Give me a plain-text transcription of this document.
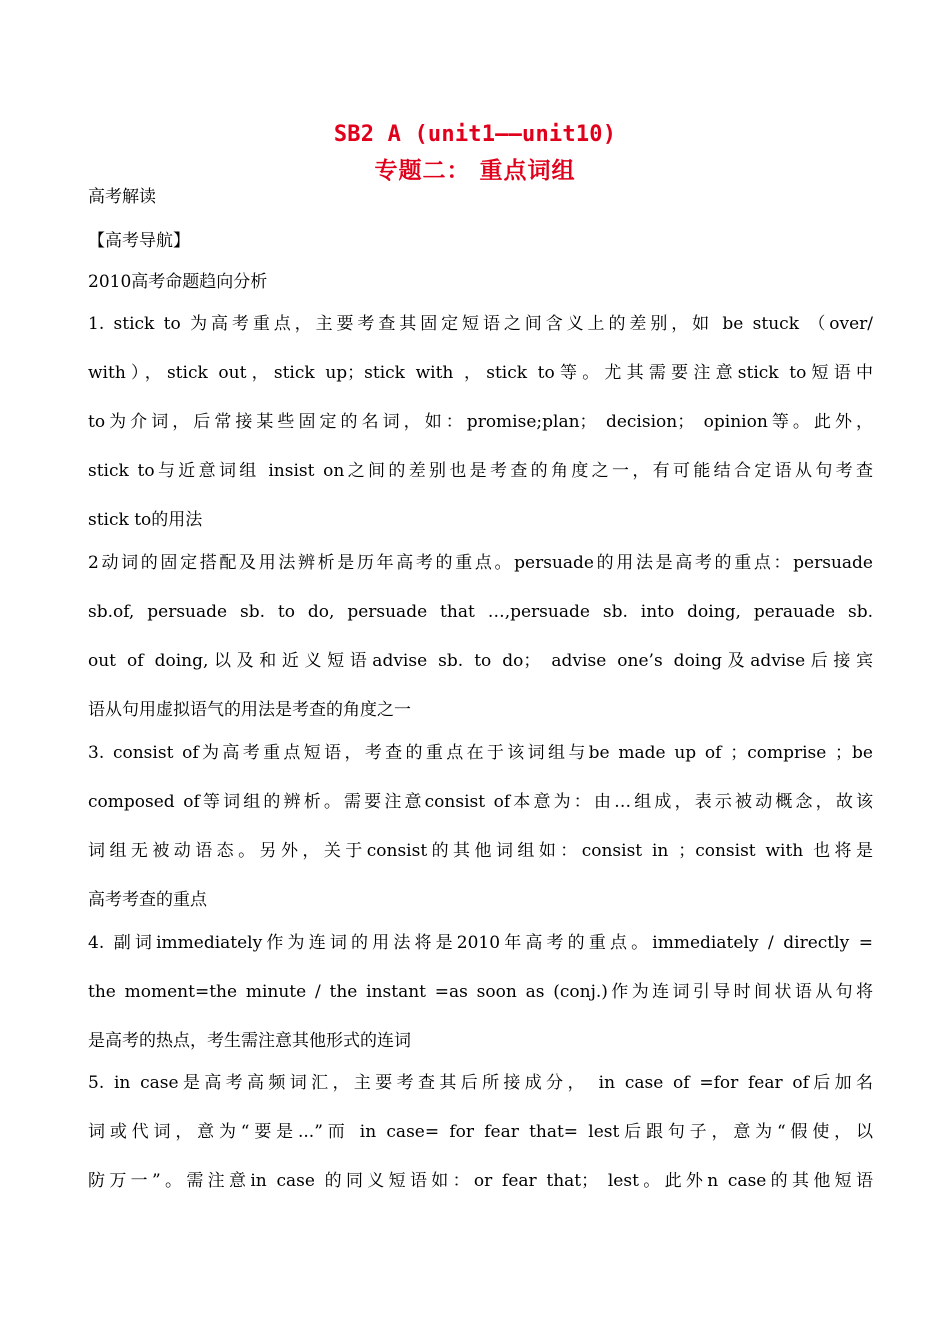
SB2 A (unit1——unit10)
专题二： 重点词组
高考解读
【高考导航】
2010高考命题趋向分析
1. stick to 为高考重点，主要考查其固定短语之间含义上的差别，如 be stuck （over/
with），stick out，stick up；stick with ，stick to等。尤其需要注意stick to短语中
to为介词，后常接某些固定的名词，如：promise;plan； decision； opinion等。此外，
stick to与近意词组 insist on之间的差别也是考查的角度之一，有可能结合定语从句考查
stick to的用法
2动词的固定搭配及用法辨析是历年高考的重点。persuade的用法是高考的重点：persuade
sb.of, persuade sb. to do, persuade that …,persuade sb. into doing, perauade sb.
out of doing,以及和近义短语advise sb. to do； advise one’s doing及advise后接宾
语从句用虚拟语气的用法是考查的角度之一
3. consist of为高考重点短语，考查的重点在于该词组与be made up of ；comprise ；be
composed of等词组的辨析。需要注意consist of本意为：由…组成，表示被动概念，故该
词组无被动语态。另外，关于consist的其他词组如：consist in ；consist with 也将是
高考考查的重点
4. 副词immediately作为连词的用法将是2010年高考的重点。immediately / directly =
the moment=the minute / the instant =as soon as (conj.)作为连词引导时间状语从句将
是高考的热点，考生需注意其他形式的连词
5. in case是高考高频词汇，主要考查其后所接成分， in case of =for fear of后加名
词或代词，意为“要是...”而 in case= for fear that= lest后跟句子，意为“假使，以
防万一”。需注意in case 的同义短语如：or fear that； lest。此外n case的其他短语
